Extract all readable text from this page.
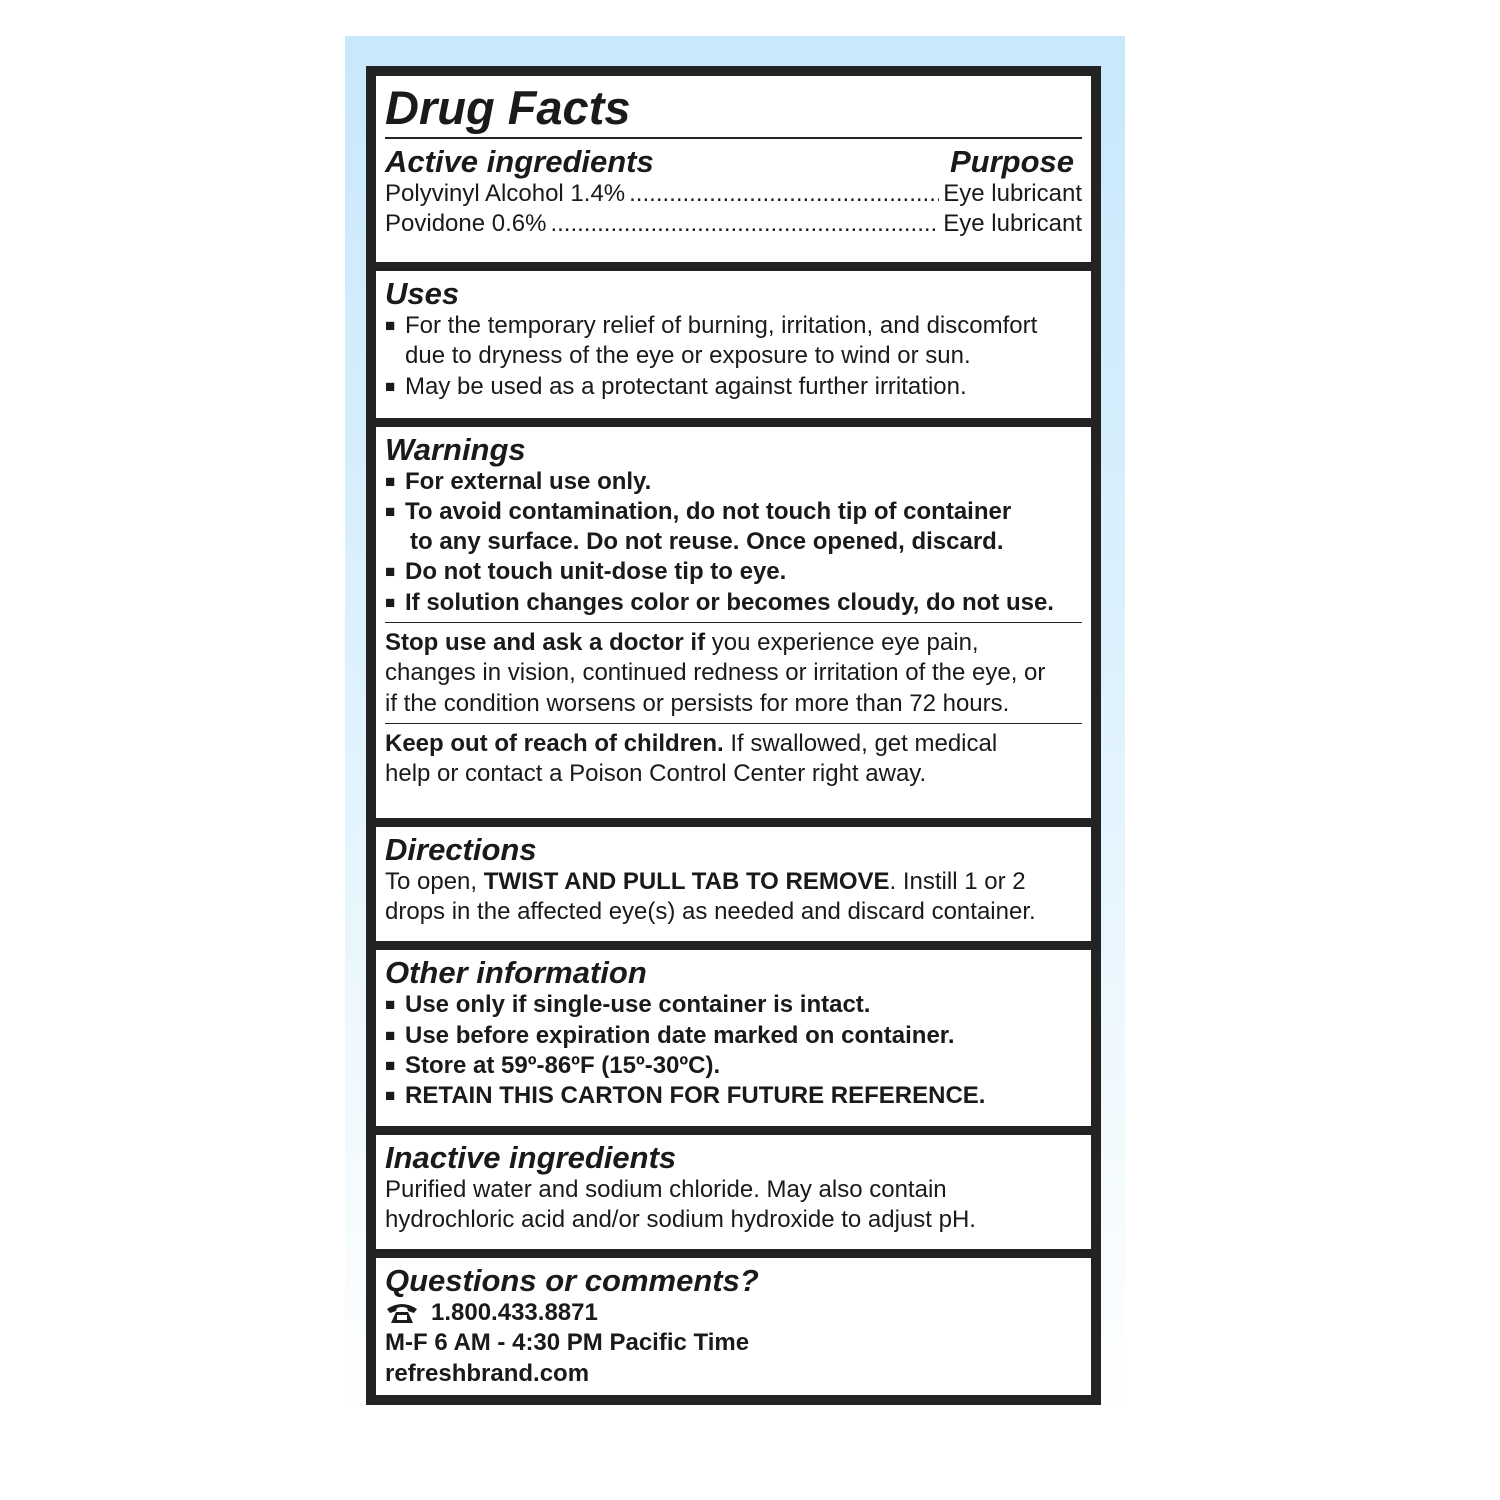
Drug Facts
Active ingredients	Purpose
Polyvinyl Alcohol 1.4% .....	Eye lubricant
Povidone 0.6% .....	Eye lubricant
Uses
■ For the temporary relief of burning, irritation, and discomfort
due to dryness of the eye or exposure to wind or sun.
■ May be used as a protectant against further irritation.
Warnings
■ For external use only.
■ To avoid contamination, do not touch tip of container
to any surface. Do not reuse. Once opened, discard.
■ Do not touch unit-dose tip to eye.
■ If solution changes color or becomes cloudy, do not use.
Stop use and ask a doctor if you experience eye pain,
changes in vision, continued redness or irritation of the eye, or
if the condition worsens or persists for more than 72 hours.
Keep out of reach of children. If swallowed, get medical
help or contact a Poison Control Center right away.
Directions
To open, TWIST AND PULL TAB TO REMOVE. Instill 1 or 2
drops in the affected eye(s) as needed and discard container.
Other information
■ Use only if single-use container is intact.
■ Use before expiration date marked on container.
■ Store at 59º-86ºF (15º-30ºC).
■ RETAIN THIS CARTON FOR FUTURE REFERENCE.
Inactive ingredients
Purified water and sodium chloride. May also contain
hydrochloric acid and/or sodium hydroxide to adjust pH.
Questions or comments?
1.800.433.8871
M-F 6 AM - 4:30 PM Pacific Time
refreshbrand.com
